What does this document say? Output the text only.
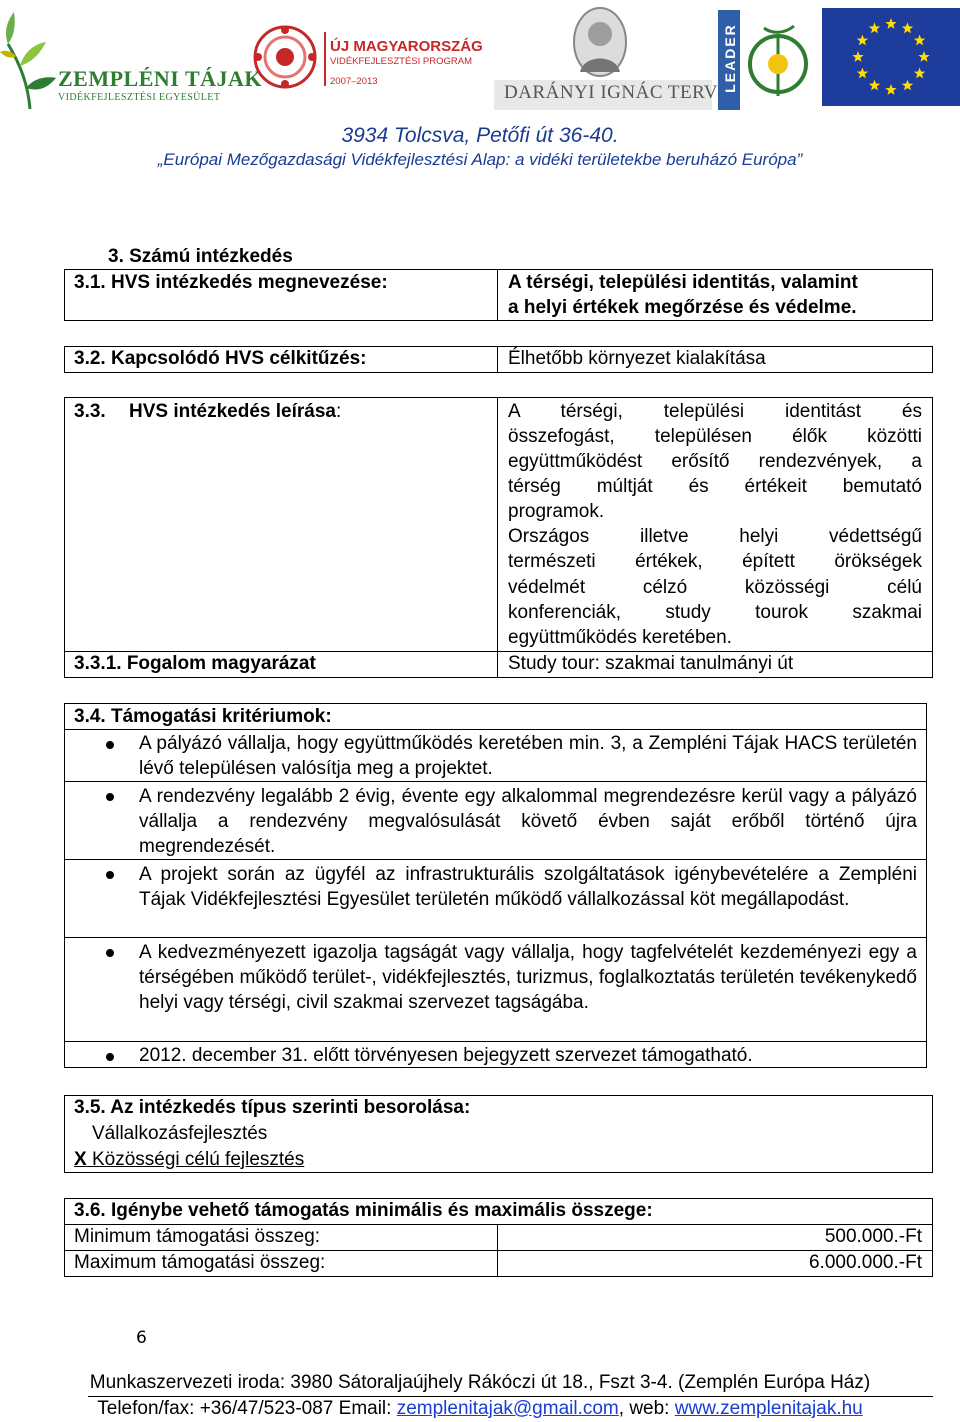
ZEMPLÉNI TÁJAK
VIDÉKFEJLESZTÉSI EGYESÜLET
ÚJ MAGYARORSZÁG
VIDÉKFEJLESZTÉSI PROGRAM
2007–2013
DARÁNYI IGNÁC TERV LEADER
3934 Tolcsva, Petőfi út 36-40.
„Európai Mezőgazdasági Vidékfejlesztési Alap: a vidéki területekbe beruházó Európa”
3. Számú intézkedés
3.1. HVS intézkedés megnevezése:	A térségi, települési identitás, valamint
a helyi értékek megőrzése és védelme.
3.2. Kapcsolódó HVS célkitűzés:	Élhetőbb környezet kialakítása
3.3. HVS intézkedés leírása:	A térségi, települési identitást és
összefogást, településen élők közötti
együttműködést erősítő rendezvények, a
térség múltját és értékeit bemutató
programok.
Országos illetve helyi védettségű
természeti értékek, épített örökségek
védelmét célzó közösségi célú
konferenciák, study tourok szakmai
együttműködés keretében.
3.3.1. Fogalom magyarázat	Study tour: szakmai tanulmányi út
3.4. Támogatási kritériumok:
A pályázó vállalja, hogy együttműködés keretében min. 3, a Zempléni Tájak HACS területén lévő településen valósítja meg a projektet.
A rendezvény legalább 2 évig, évente egy alkalommal megrendezésre kerül vagy a pályázó vállalja a rendezvény megvalósulását követő évben saját erőből történő újra megrendezését.
A projekt során az ügyfél az infrastrukturális szolgáltatások igénybevételére a Zempléni Tájak Vidékfejlesztési Egyesület területén működő vállalkozással köt megállapodást.
A kedvezményezett igazolja tagságát vagy vállalja, hogy tagfelvételét kezdeményezi egy a térségében működő terület-, vidékfejlesztés, turizmus, foglalkoztatás területén tevékenykedő helyi vagy térségi, civil szakmai szervezet tagságába.
2012. december 31. előtt törvényesen bejegyzett szervezet támogatható.
3.5. Az intézkedés típus szerinti besorolása:
Vállalkozásfejlesztés
X Közösségi célú fejlesztés
3.6. Igénybe vehető támogatás minimális és maximális összege:
Minimum támogatási összeg:	500.000.-Ft
Maximum támogatási összeg:	6.000.000.-Ft
6
Munkaszervezeti iroda: 3980 Sátoraljaújhely Rákóczi út 18., Fszt 3-4. (Zemplén Európa Ház)
Telefon/fax: +36/47/523-087 Email: zemplenitajak@gmail.com, web: www.zemplenitajak.hu
